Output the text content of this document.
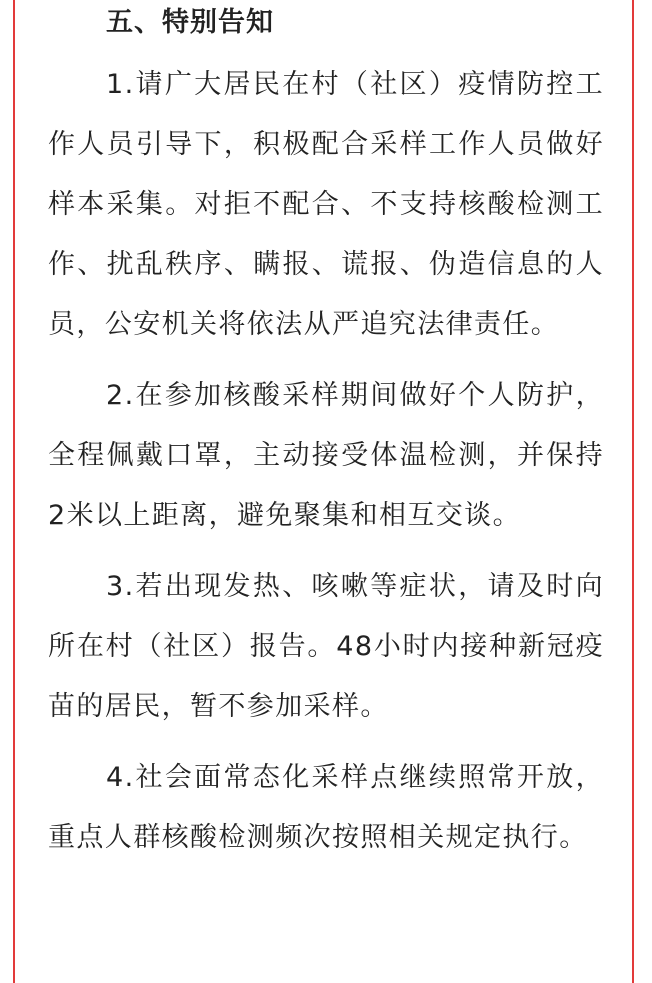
五、特别告知

1.请广大居民在村（社区）疫情防控工作人员引导下，积极配合采样工作人员做好样本采集。对拒不配合、不支持核酸检测工作、扰乱秩序、瞒报、谎报、伪造信息的人员，公安机关将依法从严追究法律责任。

2.在参加核酸采样期间做好个人防护，全程佩戴口罩，主动接受体温检测，并保持2米以上距离，避免聚集和相互交谈。

3.若出现发热、咳嗽等症状，请及时向所在村（社区）报告。48小时内接种新冠疫苗的居民，暂不参加采样。

4.社会面常态化采样点继续照常开放，重点人群核酸检测频次按照相关规定执行。
